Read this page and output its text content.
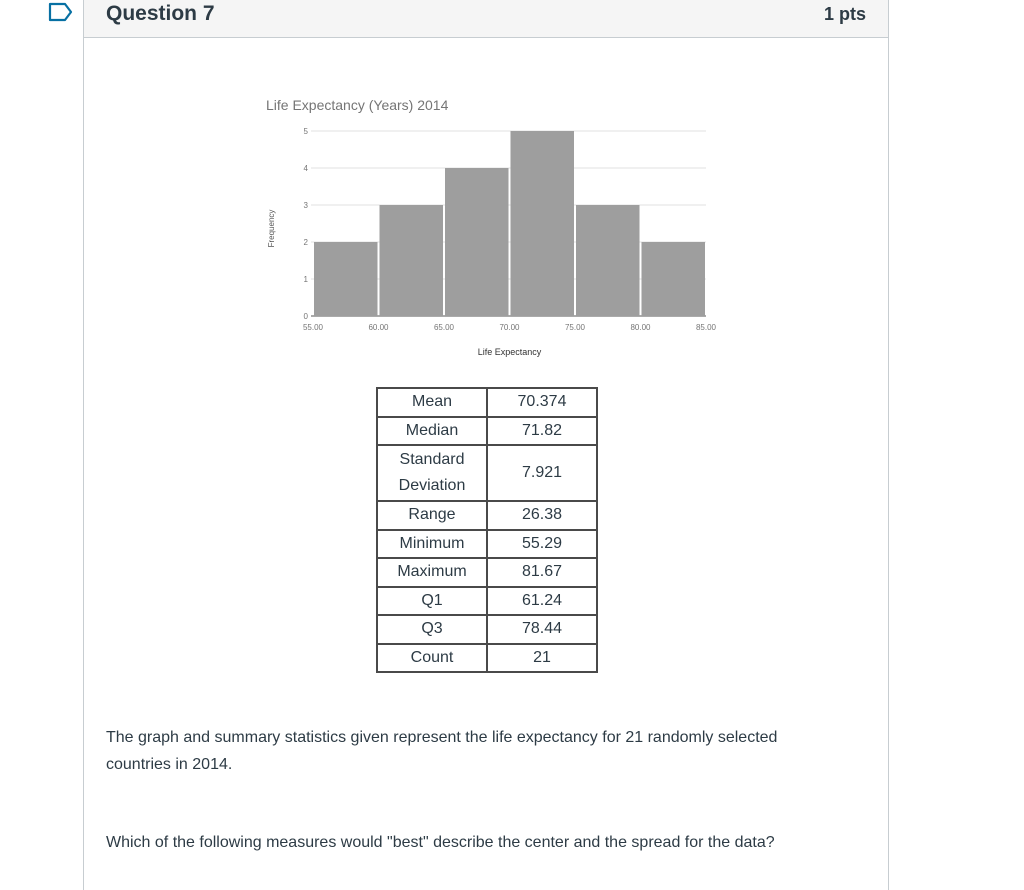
Question 7	1 pts
Life Expectancy (Years) 2014
0
1
2
3
4
5
55.00	60.00	65.00	70.00	75.00	80.00	85.00
Life Expectancy
Frequency
Mean	70.374
Median	71.82
Standard Deviation	7.921
Range	26.38
Minimum	55.29
Maximum	81.67
Q1	61.24
Q3	78.44
Count	21
The graph and summary statistics given represent the life expectancy for 21 randomly selected countries in 2014.
Which of the following measures would "best" describe the center and the spread for the data?
